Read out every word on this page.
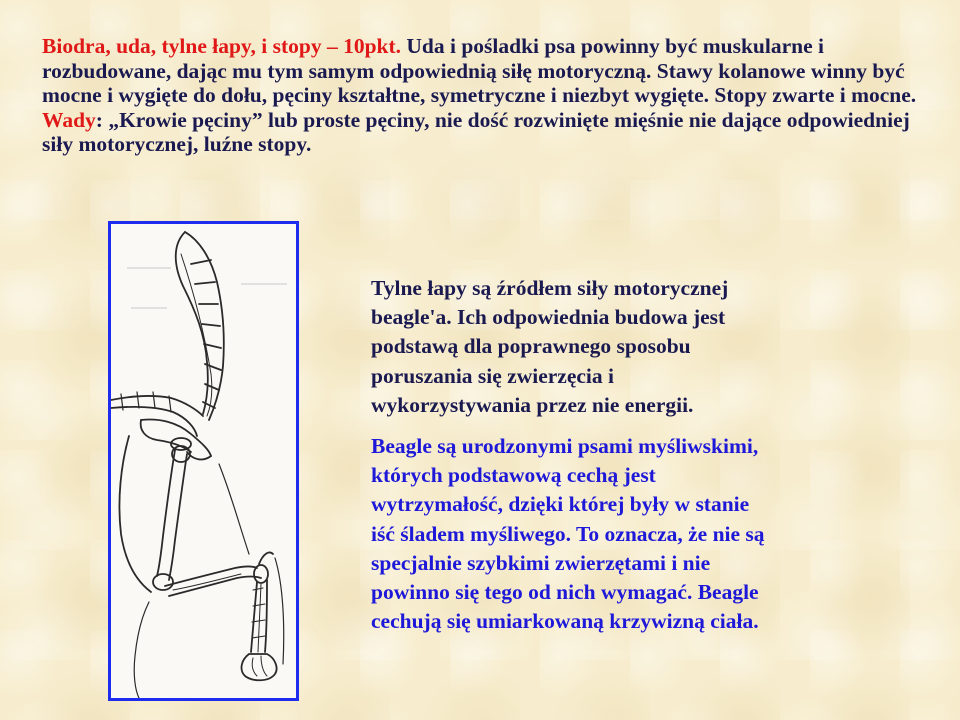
Biodra, uda, tylne łapy, i stopy – 10pkt. Uda i pośladki psa powinny być muskularne i rozbudowane, dając mu tym samym odpowiednią siłę motoryczną. Stawy kolanowe winny być mocne i wygięte do dołu, pęciny kształtne, symetryczne i niezbyt wygięte. Stopy zwarte i mocne.

Wady: „Krowie pęciny” lub proste pęciny, nie dość rozwinięte mięśnie nie dające odpowiedniej siły motorycznej, luźne stopy.

Tylne łapy są źródłem siły motorycznej
beagle'a. Ich odpowiednia budowa jest
podstawą dla poprawnego sposobu
poruszania się zwierzęcia i
wykorzystywania przez nie energii.

Beagle są urodzonymi psami myśliwskimi,
których podstawową cechą jest
wytrzymałość, dzięki której były w stanie
iść śladem myśliwego. To oznacza, że nie są
specjalnie szybkimi zwierzętami i nie
powinno się tego od nich wymagać. Beagle
cechują się umiarkowaną krzywizną ciała.
